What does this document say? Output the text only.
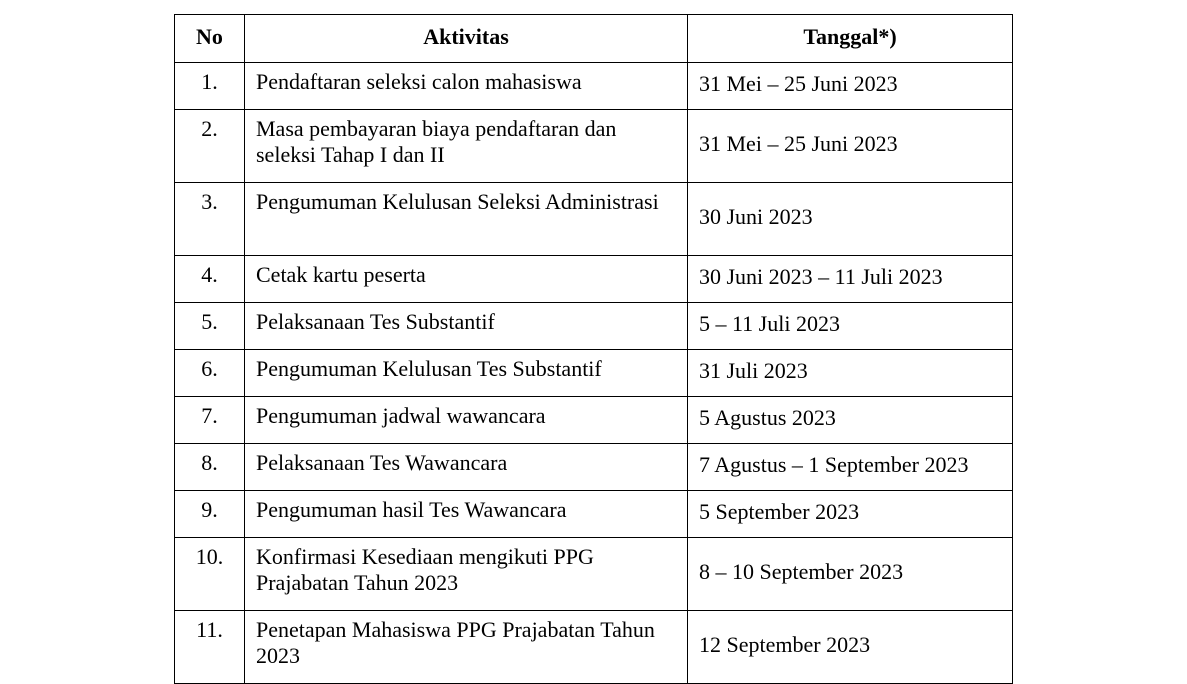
No	Aktivitas	Tanggal*)
1.	Pendaftaran seleksi calon mahasiswa	31 Mei – 25 Juni 2023
2.	Masa pembayaran biaya pendaftaran dan seleksi Tahap I dan II	31 Mei – 25 Juni 2023
3.	Pengumuman Kelulusan Seleksi Administrasi	30 Juni 2023
4.	Cetak kartu peserta	30 Juni 2023 – 11 Juli 2023
5.	Pelaksanaan Tes Substantif	5 – 11 Juli 2023
6.	Pengumuman Kelulusan Tes Substantif	31 Juli 2023
7.	Pengumuman jadwal wawancara	5 Agustus 2023
8.	Pelaksanaan Tes Wawancara	7 Agustus – 1 September 2023
9.	Pengumuman hasil Tes Wawancara	5 September 2023
10.	Konfirmasi Kesediaan mengikuti PPG Prajabatan Tahun 2023	8 – 10 September 2023
11.	Penetapan Mahasiswa PPG Prajabatan Tahun 2023	12 September 2023
